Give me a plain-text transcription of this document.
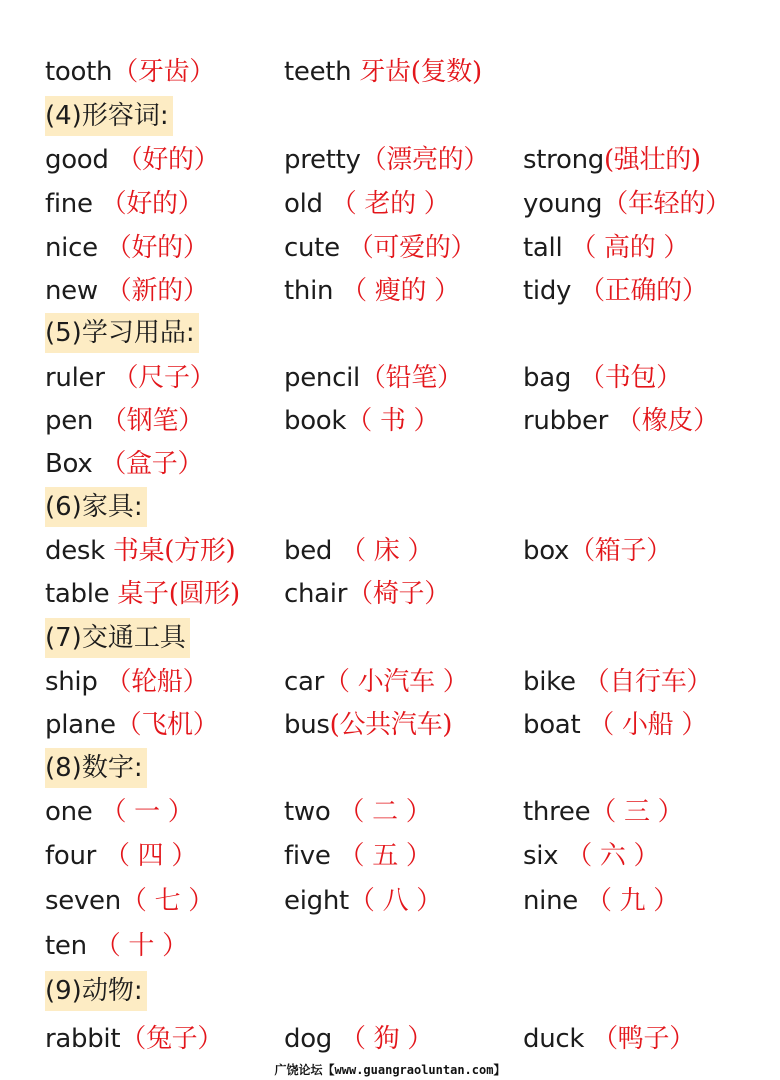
tooth（牙齿）	teeth 牙齿(复数)
(4)形容词:
good （好的） pretty（漂亮的） strong(强壮的)
fine （好的）	old （ 老的 ）	young（年轻的）
nice （好的）	cute （可爱的） tall （ 高的 ）
new （新的）	thin （ 瘦的 ） tidy （正确的）
(5)学习用品:
ruler （尺子）	pencil（铅笔） bag （书包）
pen （钢笔）	book（ 书 ）	rubber （橡皮）
Box （盒子）
(6)家具:
desk 书桌(方形) bed （ 床 ）	box（箱子）
table 桌子(圆形) chair（椅子）
(7)交通工具
ship （轮船）	car（ 小汽车 ） bike （自行车）
plane（飞机）	bus(公共汽车)	boat （ 小船 ）
(8)数字:
one （ 一 ）	two （ 二 ）	three（ 三 ）
four （ 四 ）	five （ 五 ）	six （ 六 ）
seven（ 七 ）	eight（ 八 ）	nine （ 九 ）
ten （ 十 ）
(9)动物:
rabbit（兔子） dog （ 狗 ）	duck （鸭子）
广饶论坛【www.guangraoluntan.com】
